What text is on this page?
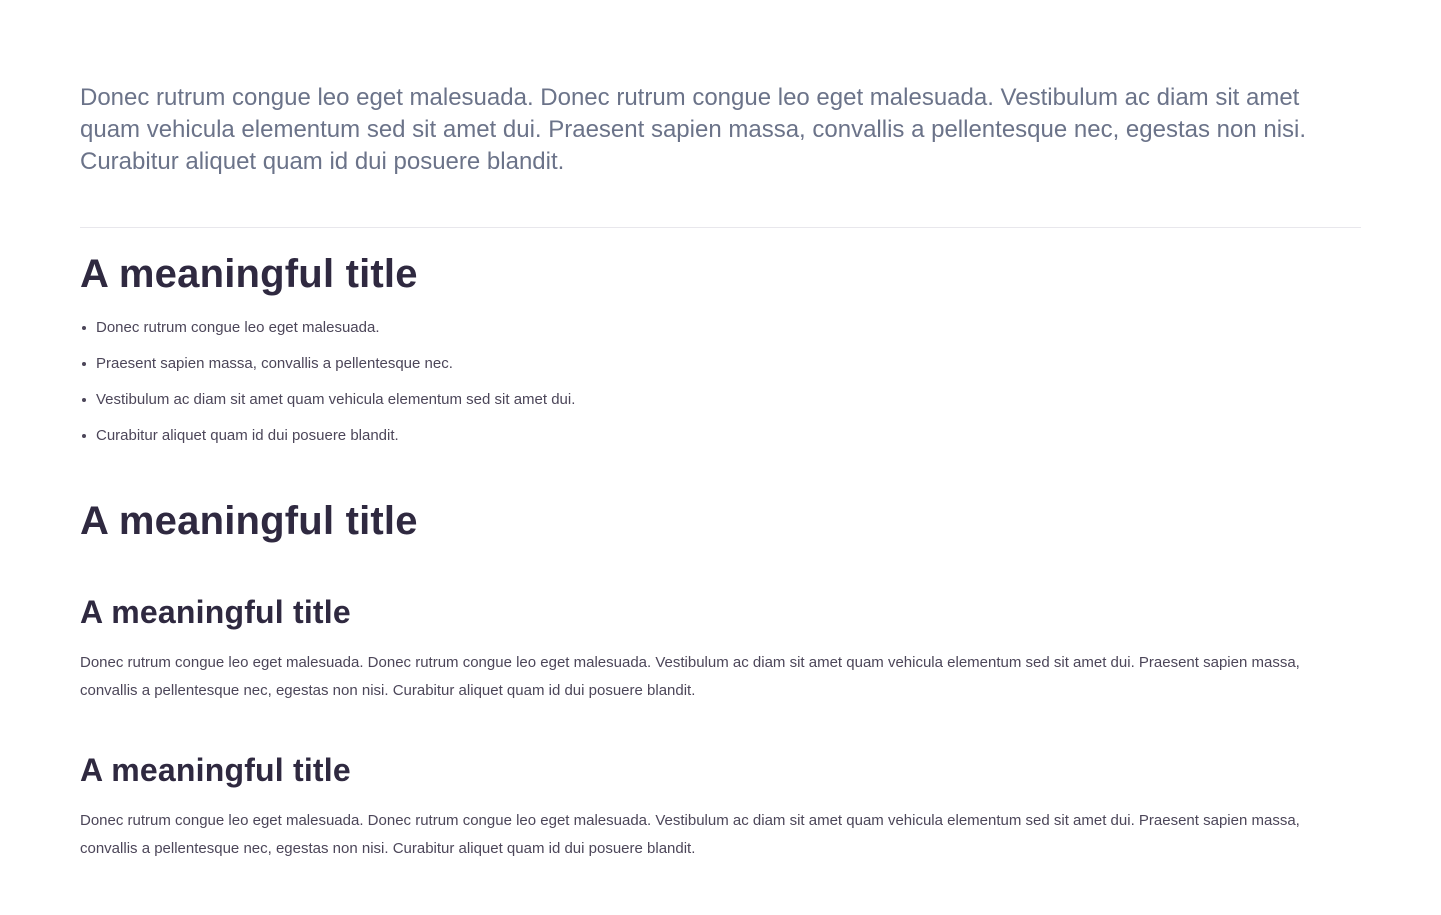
Donec rutrum congue leo eget malesuada. Donec rutrum congue leo eget malesuada. Vestibulum ac diam sit amet quam vehicula elementum sed sit amet dui. Praesent sapien massa, convallis a pellentesque nec, egestas non nisi. Curabitur aliquet quam id dui posuere blandit.

A meaningful title
Donec rutrum congue leo eget malesuada.
Praesent sapien massa, convallis a pellentesque nec.
Vestibulum ac diam sit amet quam vehicula elementum sed sit amet dui.
Curabitur aliquet quam id dui posuere blandit.
A meaningful title
A meaningful title

Donec rutrum congue leo eget malesuada. Donec rutrum congue leo eget malesuada. Vestibulum ac diam sit amet quam vehicula elementum sed sit amet dui. Praesent sapien massa, convallis a pellentesque nec, egestas non nisi. Curabitur aliquet quam id dui posuere blandit.

A meaningful title

Donec rutrum congue leo eget malesuada. Donec rutrum congue leo eget malesuada. Vestibulum ac diam sit amet quam vehicula elementum sed sit amet dui. Praesent sapien massa, convallis a pellentesque nec, egestas non nisi. Curabitur aliquet quam id dui posuere blandit.
